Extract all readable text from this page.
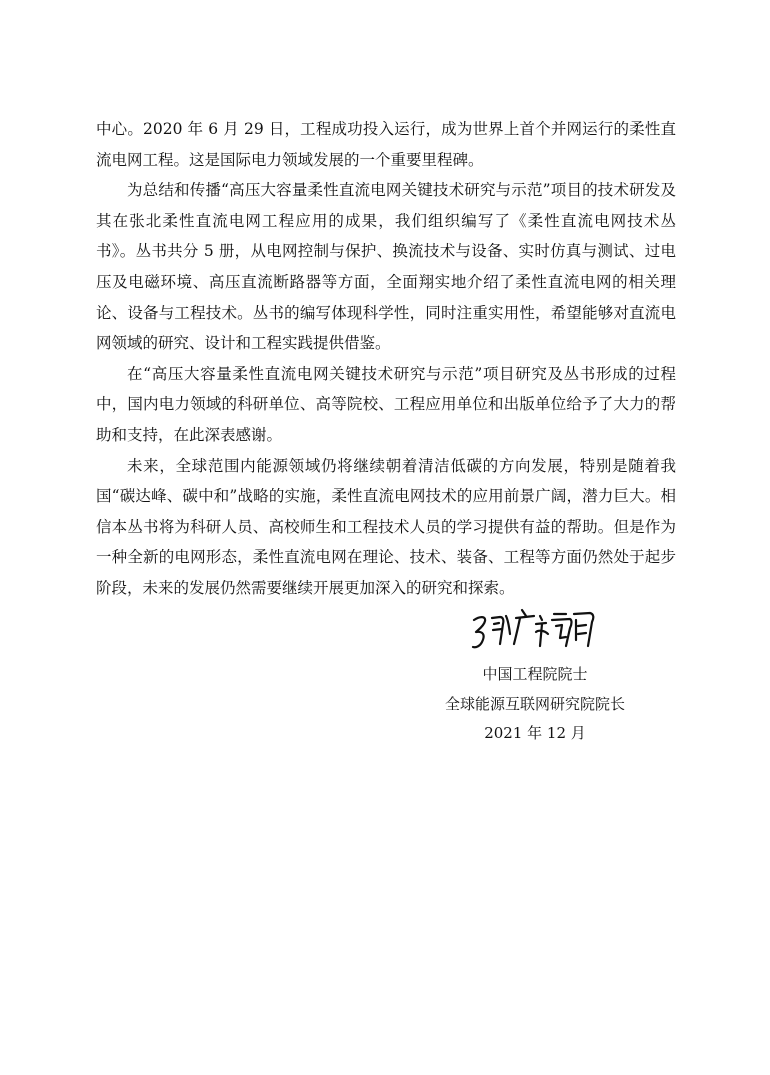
中心。2020 年 6 月 29 日，工程成功投入运行，成为世界上首个并网运行的柔性直流电网工程。这是国际电力领域发展的一个重要里程碑。

为总结和传播“高压大容量柔性直流电网关键技术研究与示范”项目的技术研发及其在张北柔性直流电网工程应用的成果，我们组织编写了《柔性直流电网技术丛书》。丛书共分 5 册，从电网控制与保护、换流技术与设备、实时仿真与测试、过电压及电磁环境、高压直流断路器等方面，全面翔实地介绍了柔性直流电网的相关理论、设备与工程技术。丛书的编写体现科学性，同时注重实用性，希望能够对直流电网领域的研究、设计和工程实践提供借鉴。

在“高压大容量柔性直流电网关键技术研究与示范”项目研究及丛书形成的过程中，国内电力领域的科研单位、高等院校、工程应用单位和出版单位给予了大力的帮助和支持，在此深表感谢。

未来，全球范围内能源领域仍将继续朝着清洁低碳的方向发展，特别是随着我国“碳达峰、碳中和”战略的实施，柔性直流电网技术的应用前景广阔，潜力巨大。相信本丛书将为科研人员、高校师生和工程技术人员的学习提供有益的帮助。但是作为一种全新的电网形态，柔性直流电网在理论、技术、装备、工程等方面仍然处于起步阶段，未来的发展仍然需要继续开展更加深入的研究和探索。

中国工程院院士
全球能源互联网研究院院长
2021 年 12 月
